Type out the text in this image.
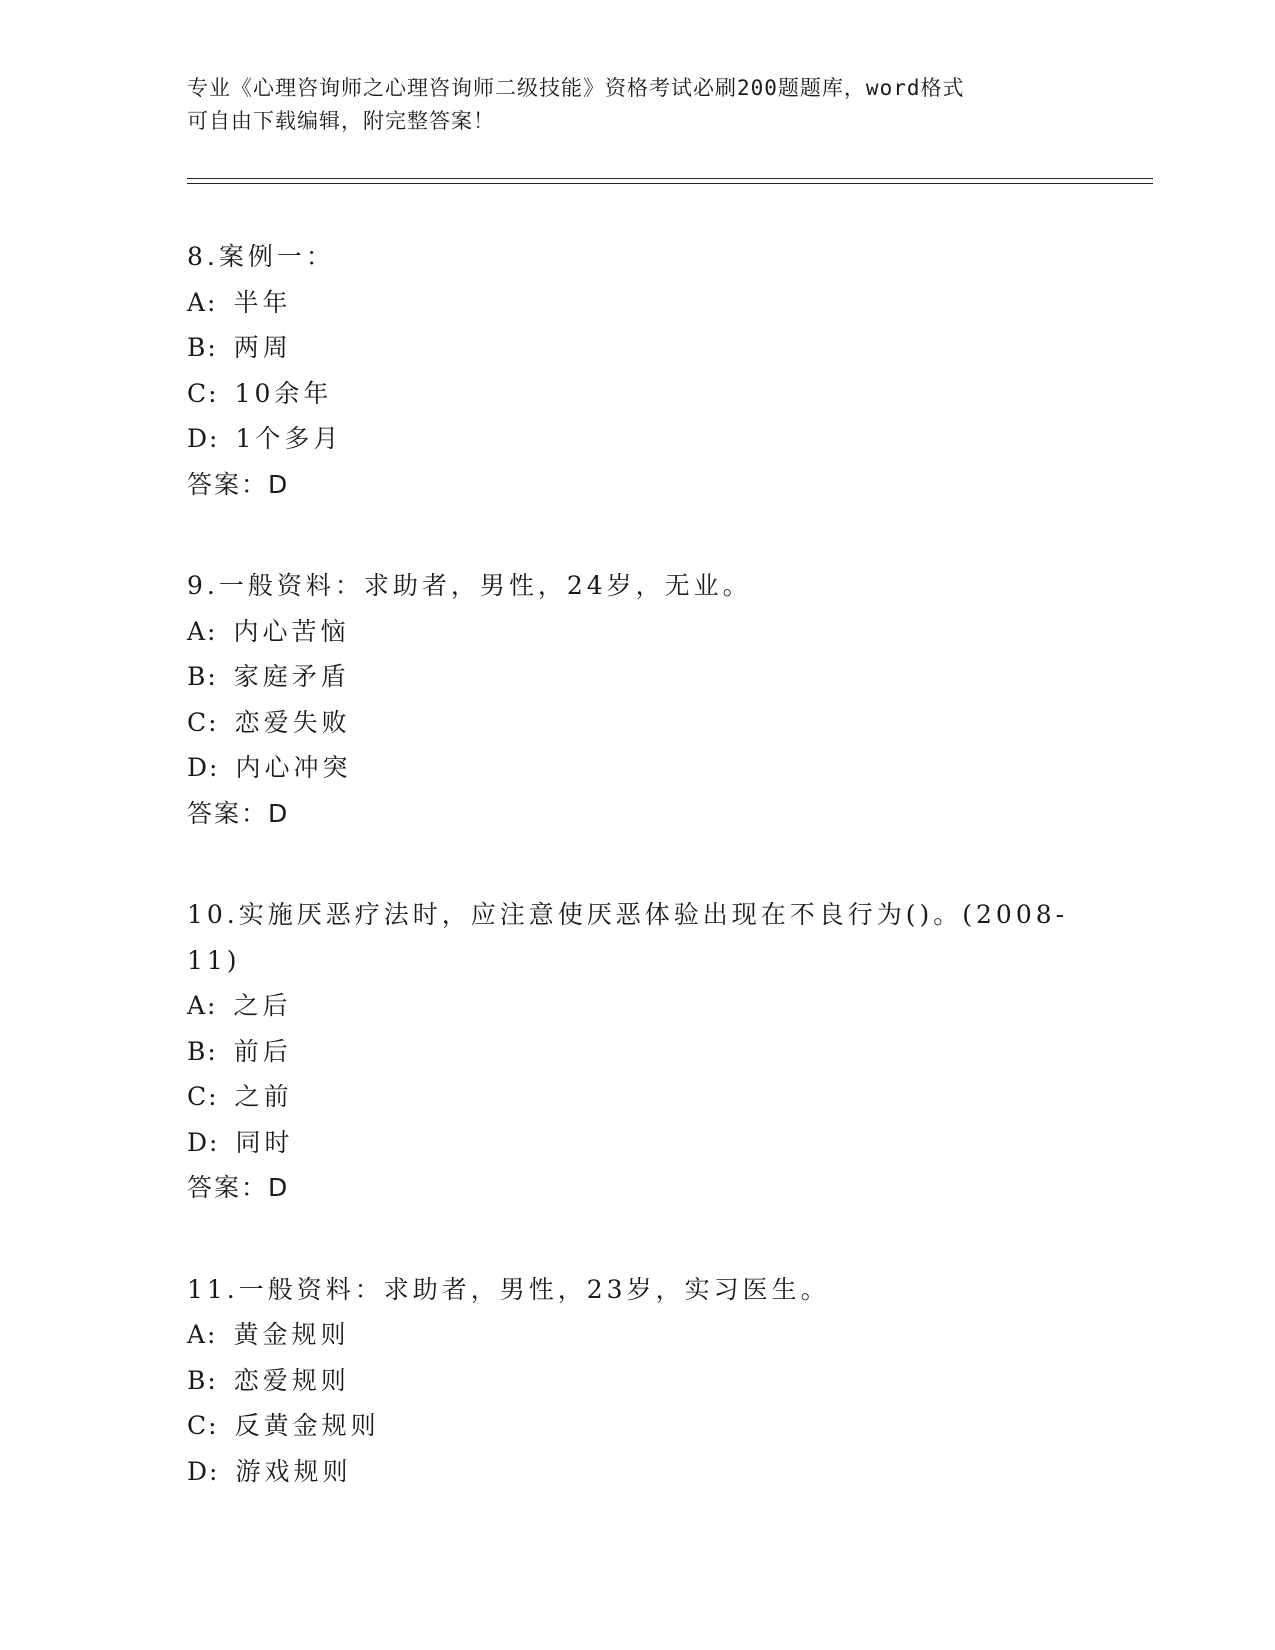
专业《心理咨询师之心理咨询师二级技能》资格考试必刷200题题库，word格式
可自由下载编辑，附完整答案！
8.案例一：
A: 半年
B: 两周
C: 10余年
D: 1个多月
答案：D
9.一般资料：求助者，男性，24岁，无业。
A: 内心苦恼
B: 家庭矛盾
C: 恋爱失败
D: 内心冲突
答案：D
10.实施厌恶疗法时，应注意使厌恶体验出现在不良行为()。(2008-
11)
A: 之后
B: 前后
C: 之前
D: 同时
答案：D
11.一般资料：求助者，男性，23岁，实习医生。
A: 黄金规则
B: 恋爱规则
C: 反黄金规则
D: 游戏规则
